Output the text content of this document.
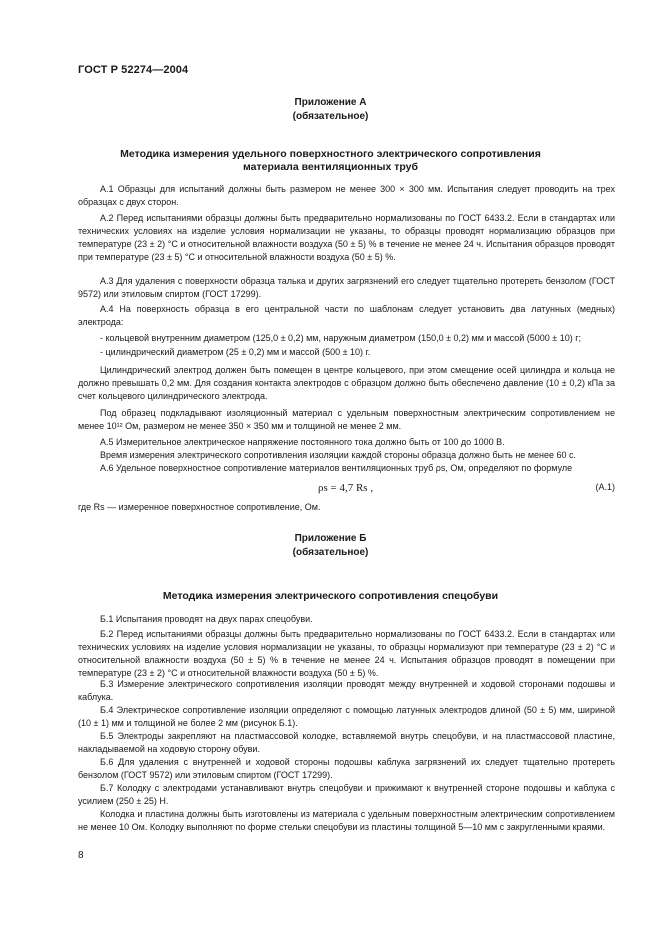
ГОСТ Р 52274—2004
Приложение А
(обязательное)
Методика измерения удельного поверхностного электрического сопротивления
материала вентиляционных труб

А.1 Образцы для испытаний должны быть размером не менее 300 × 300 мм. Испытания следует проводить на трех образцах с двух сторон.

А.2 Перед испытаниями образцы должны быть предварительно нормализованы по ГОСТ 6433.2. Если в стандартах или технических условиях на изделие условия нормализации не указаны, то образцы проводят нормализацию образцов при температуре (23 ± 2) °С и относительной влажности воздуха (50 ± 5) % в течение не менее 24 ч. Испытания образцов проводят при температуре (23 ± 5) °С и относительной влажности воздуха (50 ± 5) %.

А.3 Для удаления с поверхности образца талька и других загрязнений его следует тщательно протереть бензолом (ГОСТ 9572) или этиловым спиртом (ГОСТ 17299).

А.4 На поверхность образца в его центральной части по шаблонам следует установить два латунных (медных) электрода:

- кольцевой внутренним диаметром (125,0 ± 0,2) мм, наружным диаметром (150,0 ± 0,2) мм и массой (5000 ± 10) г;

- цилиндрический диаметром (25 ± 0,2) мм и массой (500 ± 10) г.

Цилиндрический электрод должен быть помещен в центре кольцевого, при этом смещение осей цилиндра и кольца не должно превышать 0,2 мм. Для создания контакта электродов с образцом должно быть обеспечено давление (10 ± 0,2) кПа за счет кольцевого цилиндрического электрода.

Под образец подкладывают изоляционный материал с удельным поверхностным электрическим сопротивлением не менее 10¹² Ом, размером не менее 350 × 350 мм и толщиной не менее 2 мм.

А.5 Измерительное электрическое напряжение постоянного тока должно быть от 100 до 1000 В.

Время измерения электрического сопротивления изоляции каждой стороны образца должно быть не менее 60 с.

А.6 Удельное поверхностное сопротивление материалов вентиляционных труб ρs, Ом, определяют по формуле

ρs = 4,7 Rs ,	(А.1)
где Rs — измеренное поверхностное сопротивление, Ом.
Приложение Б
(обязательное)
Методика измерения электрического сопротивления спецобуви

Б.1 Испытания проводят на двух парах спецобуви.

Б.2 Перед испытаниями образцы должны быть предварительно нормализованы по ГОСТ 6433.2. Если в стандартах или технических условиях на изделие условия нормализации не указаны, то образцы нормализуют при температуре (23 ± 2) °С и относительной влажности воздуха (50 ± 5) % в течение не менее 24 ч. Испытания образцов проводят в помещении при температуре (23 ± 2) °С и относительной влажности воздуха (50 ± 5) %.

Б.3 Измерение электрического сопротивления изоляции проводят между внутренней и ходовой сторонами подошвы и каблука.

Б.4 Электрическое сопротивление изоляции определяют с помощью латунных электродов длиной (50 ± 5) мм, шириной (10 ± 1) мм и толщиной не более 2 мм (рисунок Б.1).

Б.5 Электроды закрепляют на пластмассовой колодке, вставляемой внутрь спецобуви, и на пластмассовой пластине, накладываемой на ходовую сторону обуви.

Б.6 Для удаления с внутренней и ходовой стороны подошвы каблука загрязнений их следует тщательно протереть бензолом (ГОСТ 9572) или этиловым спиртом (ГОСТ 17299).

Б.7 Колодку с электродами устанавливают внутрь спецобуви и прижимают к внутренней стороне подошвы и каблука с усилием (250 ± 25) Н.

Колодка и пластина должны быть изготовлены из материала с удельным поверхностным электрическим сопротивлением не менее 10 Ом. Колодку выполняют по форме стельки спецобуви из пластины толщиной 5—10 мм с закругленными краями.

8
